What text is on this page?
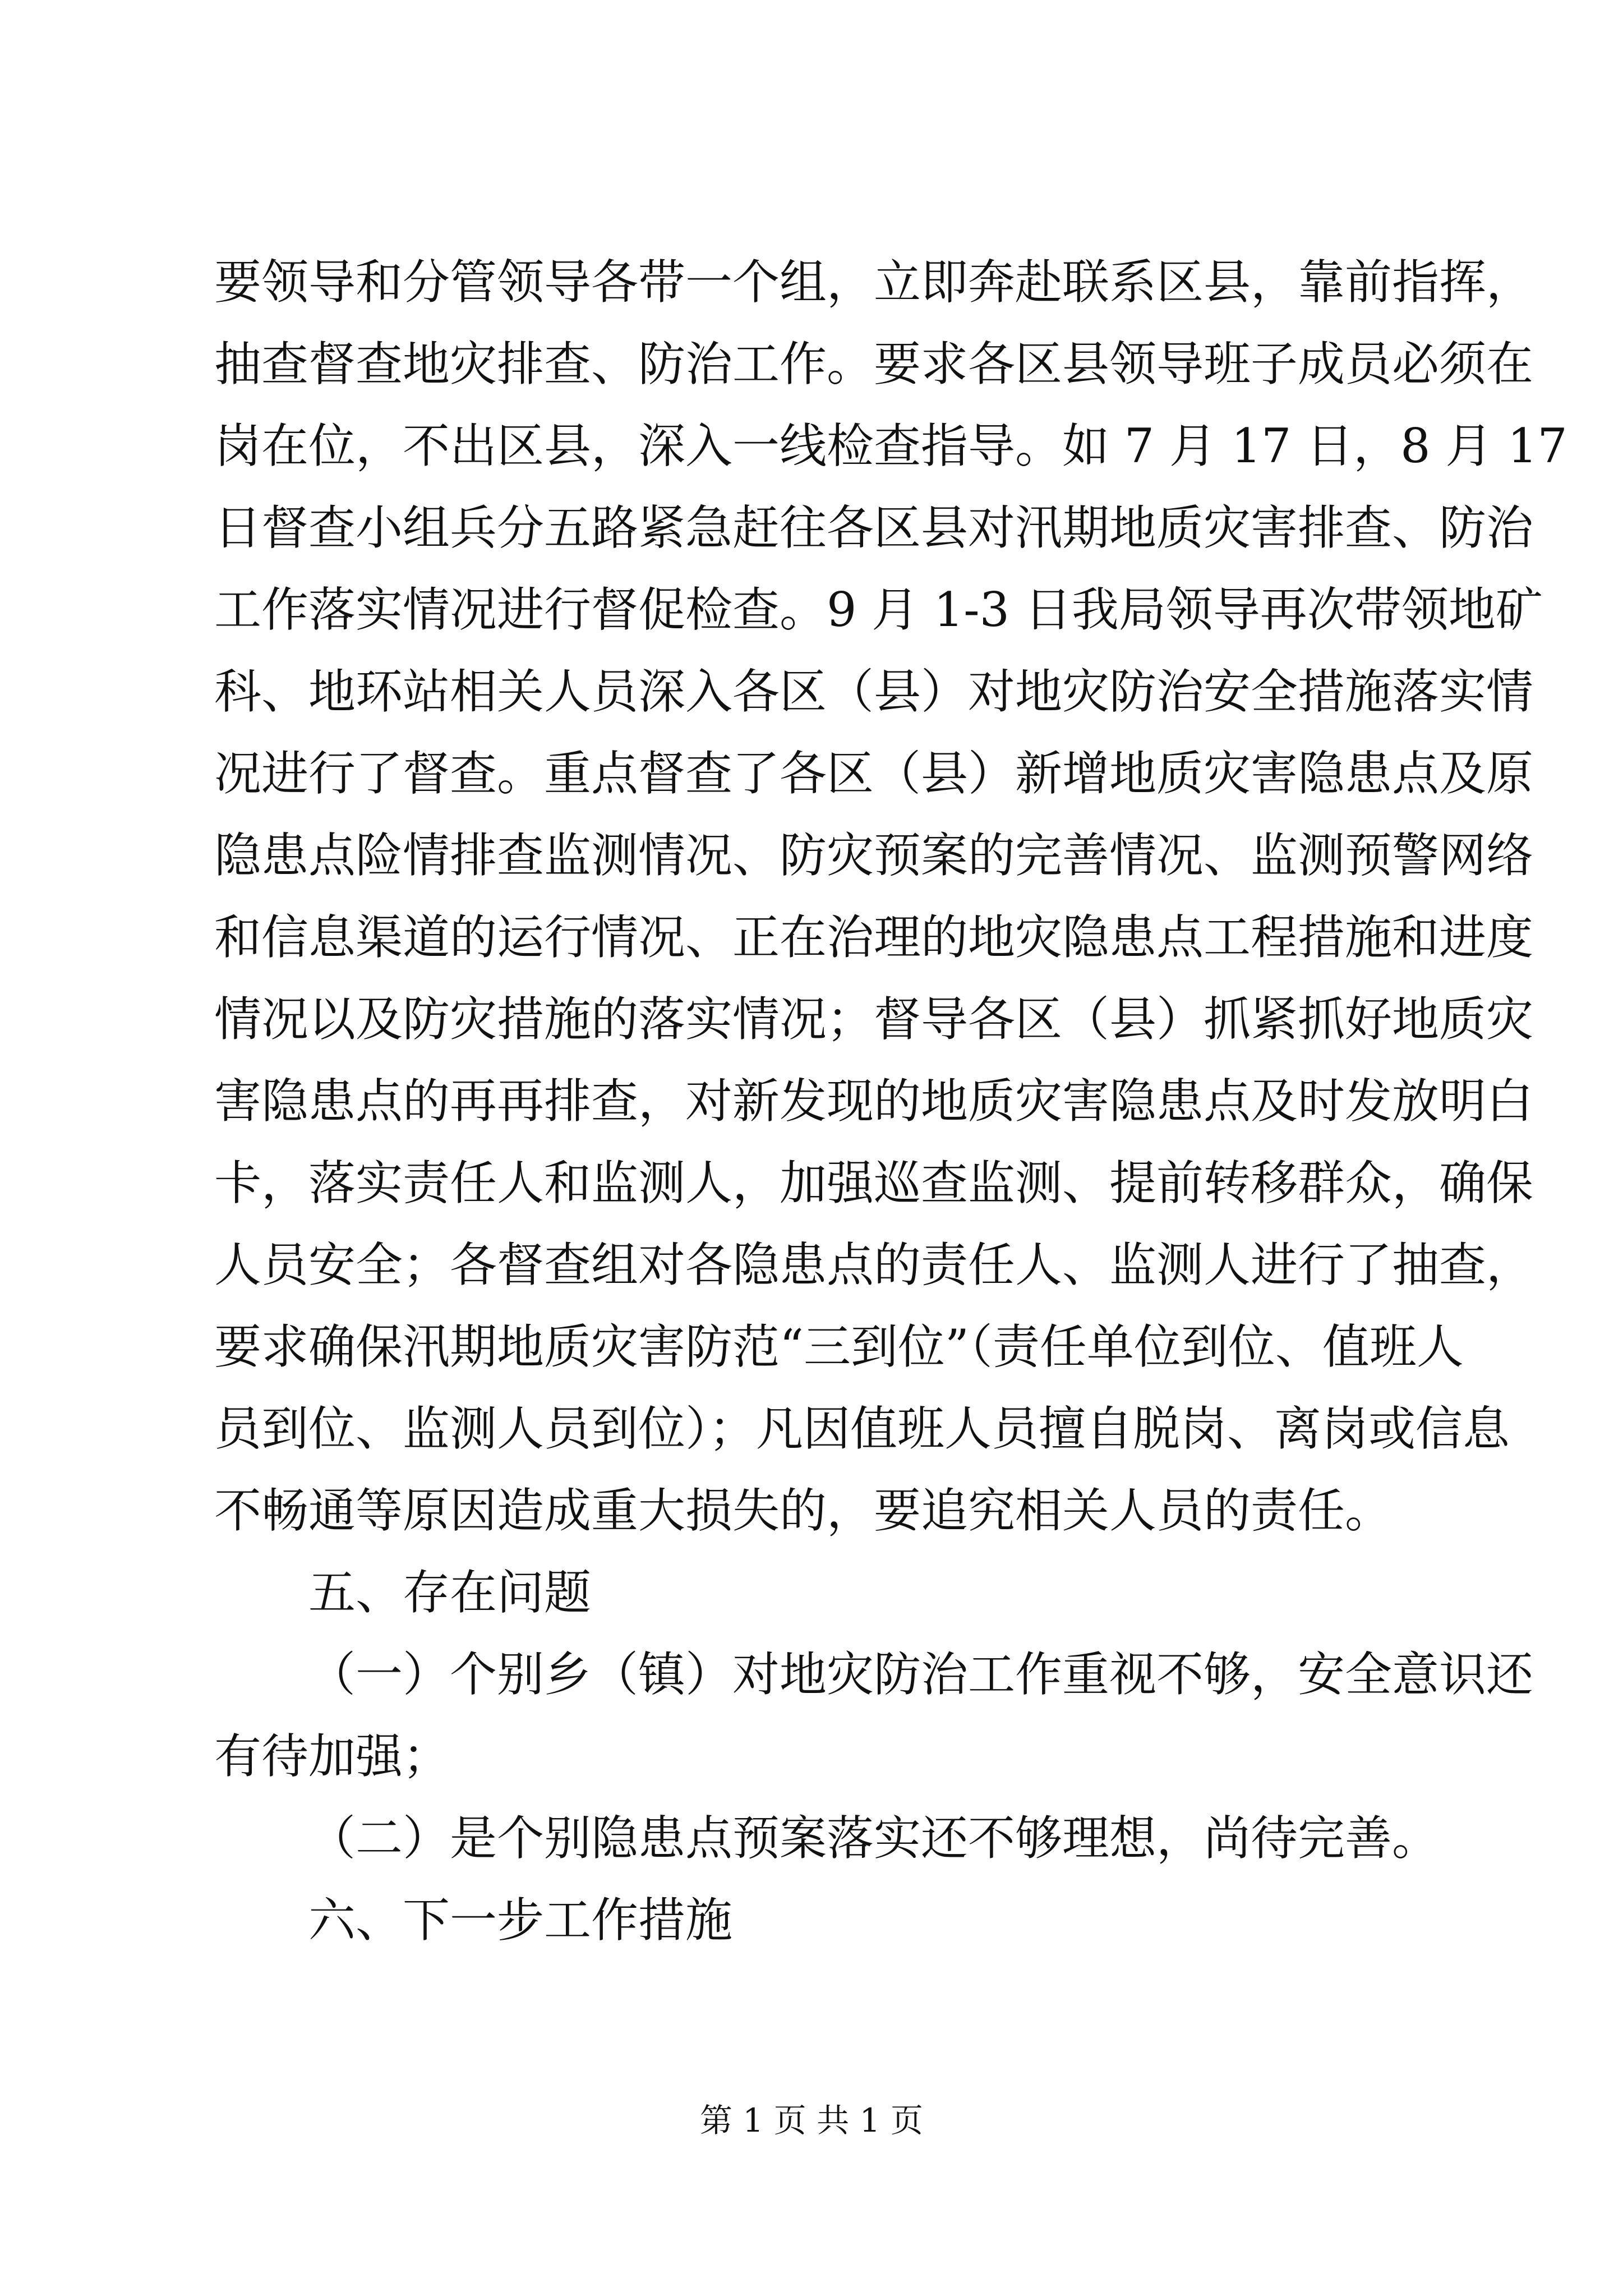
要领导和分管领导各带一个组，立即奔赴联系区县，靠前指挥，
抽查督查地灾排查、防治工作。要求各区县领导班子成员必须在
岗在位，不出区县，深入一线检查指导。如 7 月 17 日，8 月 17
日督查小组兵分五路紧急赶往各区县对汛期地质灾害排查、防治
工作落实情况进行督促检查。9 月 1-3 日我局领导再次带领地矿
科、地环站相关人员深入各区（县）对地灾防治安全措施落实情
况进行了督查。重点督查了各区（县）新增地质灾害隐患点及原
隐患点险情排查监测情况、防灾预案的完善情况、监测预警网络
和信息渠道的运行情况、正在治理的地灾隐患点工程措施和进度
情况以及防灾措施的落实情况；督导各区（县）抓紧抓好地质灾
害隐患点的再再排查，对新发现的地质灾害隐患点及时发放明白
卡，落实责任人和监测人，加强巡查监测、提前转移群众，确保
人员安全；各督查组对各隐患点的责任人、监测人进行了抽查，
要求确保汛期地质灾害防范“三到位”（责任单位到位、值班人
员到位、监测人员到位）；凡因值班人员擅自脱岗、离岗或信息
不畅通等原因造成重大损失的，要追究相关人员的责任。
五、存在问题
（一）个别乡（镇）对地灾防治工作重视不够，安全意识还
有待加强；
（二）是个别隐患点预案落实还不够理想，尚待完善。
六、下一步工作措施
第 1 页 共 1 页
